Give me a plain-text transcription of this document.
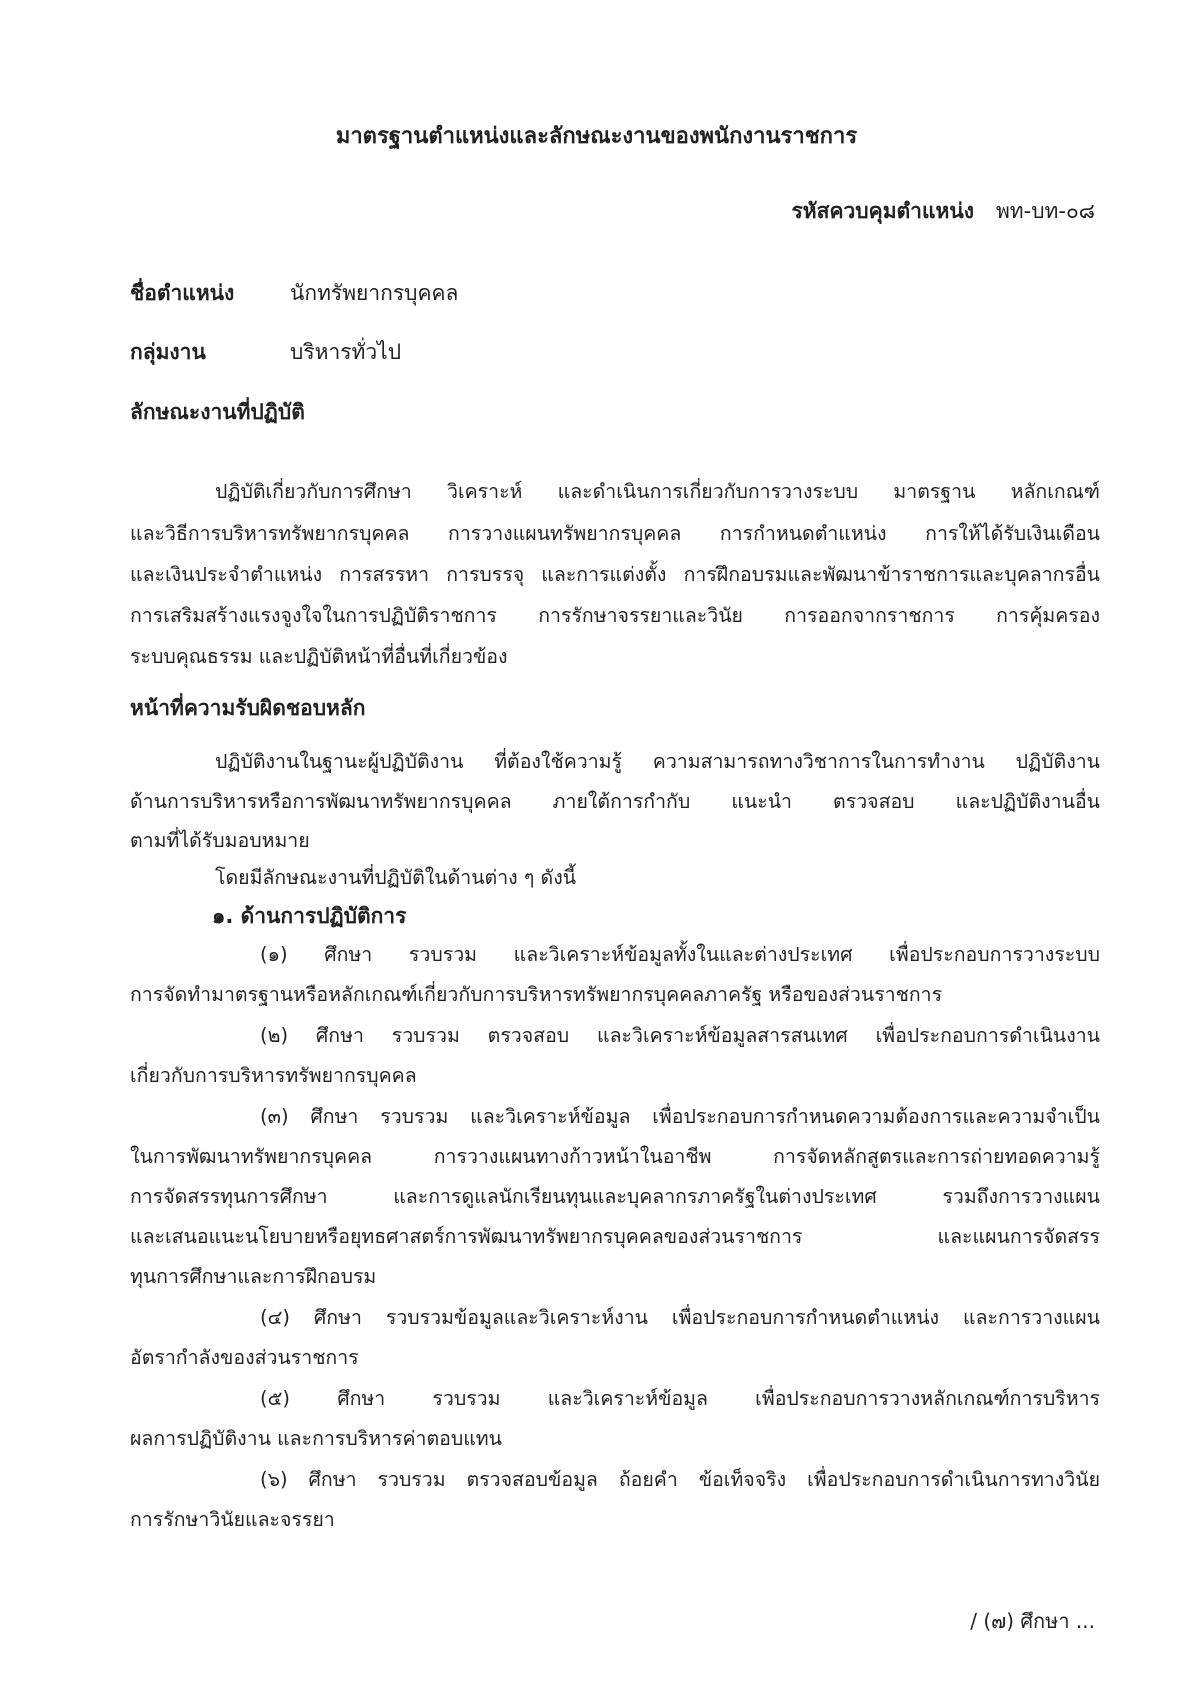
มาตรฐานตำแหน่งและลักษณะงานของพนักงานราชการ
รหัสควบคุมตำแหน่ง พท-บท-๐๘
ชื่อตำแหน่ง	นักทรัพยากรบุคคล
กลุ่มงาน	บริหารทั่วไป
ลักษณะงานที่ปฏิบัติ
ปฏิบัติเกี่ยวกับการศึกษา วิเคราะห์ และดำเนินการเกี่ยวกับการวางระบบ มาตรฐาน หลักเกณฑ์
และวิธีการบริหารทรัพยากรบุคคล การวางแผนทรัพยากรบุคคล การกำหนดตำแหน่ง การให้ได้รับเงินเดือน
และเงินประจำตำแหน่ง การสรรหา การบรรจุ และการแต่งตั้ง การฝึกอบรมและพัฒนาข้าราชการและบุคลากรอื่น
การเสริมสร้างแรงจูงใจในการปฏิบัติราชการ การรักษาจรรยาและวินัย การออกจากราชการ การคุ้มครอง
ระบบคุณธรรม และปฏิบัติหน้าที่อื่นที่เกี่ยวข้อง
หน้าที่ความรับผิดชอบหลัก
ปฏิบัติงานในฐานะผู้ปฏิบัติงาน ที่ต้องใช้ความรู้ ความสามารถทางวิชาการในการทำงาน ปฏิบัติงาน
ด้านการบริหารหรือการพัฒนาทรัพยากรบุคคล ภายใต้การกำกับ แนะนำ ตรวจสอบ และปฏิบัติงานอื่น
ตามที่ได้รับมอบหมาย
โดยมีลักษณะงานที่ปฏิบัติในด้านต่าง ๆ ดังนี้
๑. ด้านการปฏิบัติการ
(๑) ศึกษา รวบรวม และวิเคราะห์ข้อมูลทั้งในและต่างประเทศ เพื่อประกอบการวางระบบ
การจัดทำมาตรฐานหรือหลักเกณฑ์เกี่ยวกับการบริหารทรัพยากรบุคคลภาครัฐ หรือของส่วนราชการ
(๒) ศึกษา รวบรวม ตรวจสอบ และวิเคราะห์ข้อมูลสารสนเทศ เพื่อประกอบการดำเนินงาน
เกี่ยวกับการบริหารทรัพยากรบุคคล
(๓) ศึกษา รวบรวม และวิเคราะห์ข้อมูล เพื่อประกอบการกำหนดความต้องการและความจำเป็น
ในการพัฒนาทรัพยากรบุคคล การวางแผนทางก้าวหน้าในอาชีพ การจัดหลักสูตรและการถ่ายทอดความรู้
การจัดสรรทุนการศึกษา และการดูแลนักเรียนทุนและบุคลากรภาครัฐในต่างประเทศ รวมถึงการวางแผน
และเสนอแนะนโยบายหรือยุทธศาสตร์การพัฒนาทรัพยากรบุคคลของส่วนราชการ และแผนการจัดสรร
ทุนการศึกษาและการฝึกอบรม
(๔) ศึกษา รวบรวมข้อมูลและวิเคราะห์งาน เพื่อประกอบการกำหนดตำแหน่ง และการวางแผน
อัตรากำลังของส่วนราชการ
(๕) ศึกษา รวบรวม และวิเคราะห์ข้อมูล เพื่อประกอบการวางหลักเกณฑ์การบริหาร
ผลการปฏิบัติงาน และการบริหารค่าตอบแทน
(๖) ศึกษา รวบรวม ตรวจสอบข้อมูล ถ้อยคำ ข้อเท็จจริง เพื่อประกอบการดำเนินการทางวินัย
การรักษาวินัยและจรรยา
/ (๗) ศึกษา ...
